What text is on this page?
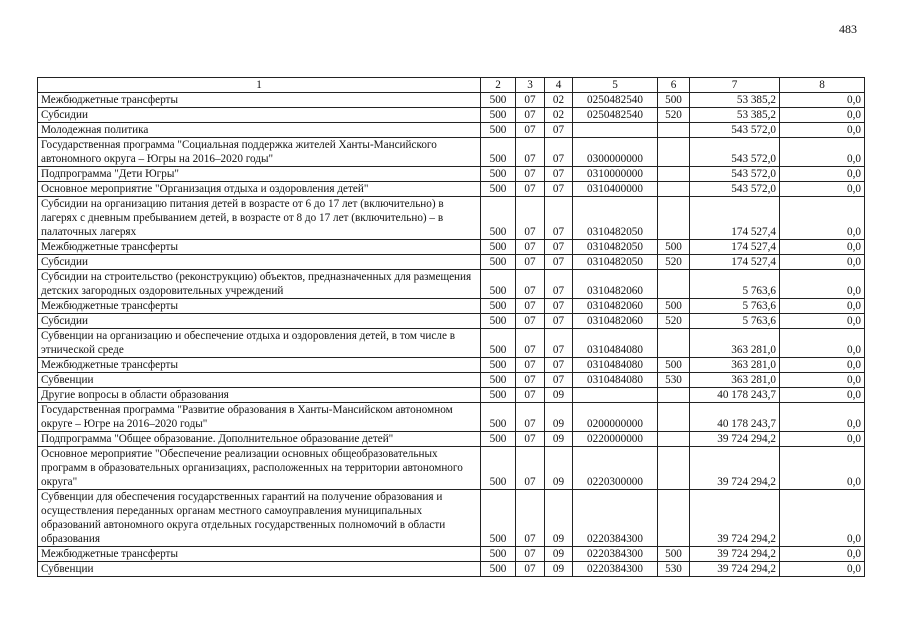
483
1	2	3	4	5	6	7	8
Межбюджетные трансферты	500	07	02	0250482540	500	53 385,2	0,0
Субсидии	500	07	02	0250482540	520	53 385,2	0,0
Молодежная политика	500	07	07			543 572,0	0,0
Государственная программа "Социальная поддержка жителей Ханты-Мансийского автономного округа – Югры на 2016–2020 годы"	500	07	07	0300000000		543 572,0	0,0
Подпрограмма "Дети Югры"	500	07	07	0310000000		543 572,0	0,0
Основное мероприятие "Организация отдыха и оздоровления детей"	500	07	07	0310400000		543 572,0	0,0
Субсидии на организацию питания детей в возрасте от 6 до 17 лет (включительно) в лагерях с дневным пребыванием детей, в возрасте от 8 до 17 лет (включительно) – в палаточных лагерях	500	07	07	0310482050		174 527,4	0,0
Межбюджетные трансферты	500	07	07	0310482050	500	174 527,4	0,0
Субсидии	500	07	07	0310482050	520	174 527,4	0,0
Субсидии на строительство (реконструкцию) объектов, предназначенных для размещения детских загородных оздоровительных учреждений	500	07	07	0310482060		5 763,6	0,0
Межбюджетные трансферты	500	07	07	0310482060	500	5 763,6	0,0
Субсидии	500	07	07	0310482060	520	5 763,6	0,0
Субвенции на организацию и обеспечение отдыха и оздоровления детей, в том числе в этнической среде	500	07	07	0310484080		363 281,0	0,0
Межбюджетные трансферты	500	07	07	0310484080	500	363 281,0	0,0
Субвенции	500	07	07	0310484080	530	363 281,0	0,0
Другие вопросы в области образования	500	07	09			40 178 243,7	0,0
Государственная программа "Развитие образования в Ханты-Мансийском автономном округе – Югре на 2016–2020 годы"	500	07	09	0200000000		40 178 243,7	0,0
Подпрограмма "Общее образование. Дополнительное образование детей"	500	07	09	0220000000		39 724 294,2	0,0
Основное мероприятие "Обеспечение реализации основных общеобразовательных программ в образовательных организациях, расположенных на территории автономного округа"	500	07	09	0220300000		39 724 294,2	0,0
Субвенции для обеспечения государственных гарантий на получение образования и осуществления переданных органам местного самоуправления муниципальных образований автономного округа отдельных государственных полномочий в области образования	500	07	09	0220384300		39 724 294,2	0,0
Межбюджетные трансферты	500	07	09	0220384300	500	39 724 294,2	0,0
Субвенции	500	07	09	0220384300	530	39 724 294,2	0,0
